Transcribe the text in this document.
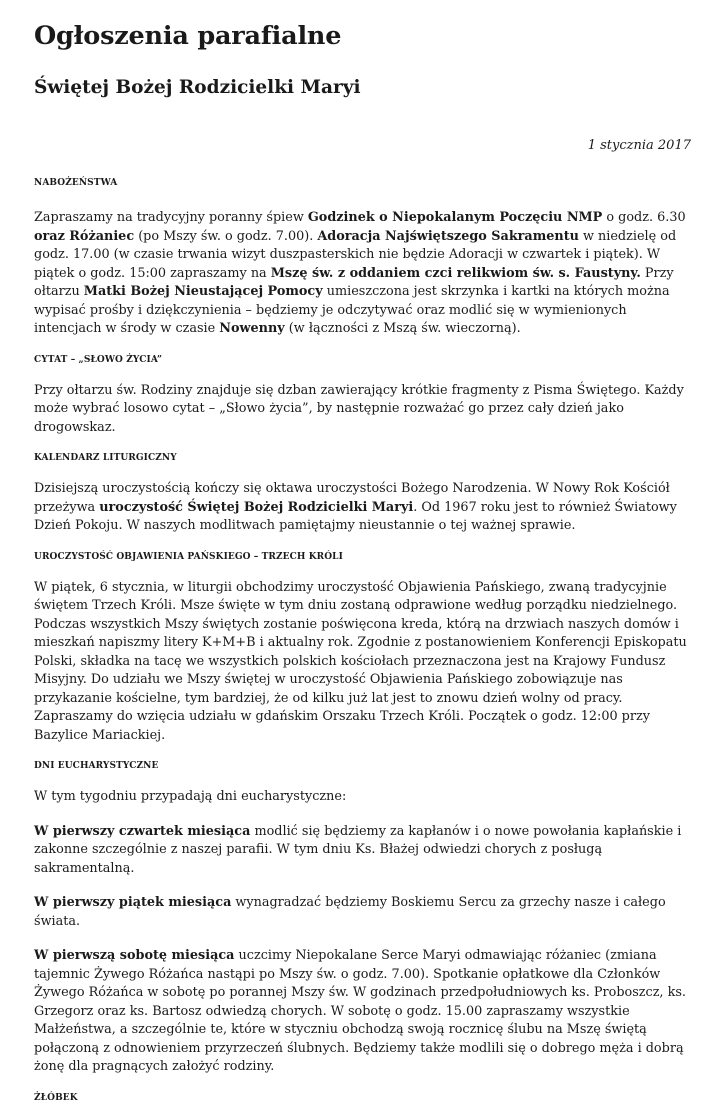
Ogłoszenia parafialne
Świętej Bożej Rodzicielki Maryi
1 stycznia 2017
NABOŻEŃSTWA

Zapraszamy na tradycyjny poranny śpiew Godzinek o Niepokalanym Poczęciu NMP o godz. 6.30 oraz Różaniec (po Mszy św. o godz. 7.00). Adoracja Najświętszego Sakramentu w niedzielę od godz. 17.00 (w czasie trwania wizyt duszpasterskich nie będzie Adoracji w czwartek i piątek). W piątek o godz. 15:00 zapraszamy na Mszę św. z oddaniem czci relikwiom św. s. Faustyny. Przy ołtarzu Matki Bożej Nieustającej Pomocy umieszczona jest skrzynka i kartki na których można wypisać prośby i dziękczynienia – będziemy je odczytywać oraz modlić się w wymienionych intencjach w środy w czasie Nowenny (w łączności z Mszą św. wieczorną).

CYTAT – „SŁOWO ŻYCIA”

Przy ołtarzu św. Rodziny znajduje się dzban zawierający krótkie fragmenty z Pisma Świętego. Każdy może wybrać losowo cytat – „Słowo życia”, by następnie rozważać go przez cały dzień jako drogowskaz.

KALENDARZ LITURGICZNY

Dzisiejszą uroczystością kończy się oktawa uroczystości Bożego Narodzenia. W Nowy Rok Kościół przeżywa uroczystość Świętej Bożej Rodzicielki Maryi. Od 1967 roku jest to również Światowy Dzień Pokoju. W naszych modlitwach pamiętajmy nieustannie o tej ważnej sprawie.

UROCZYSTOŚĆ OBJAWIENIA PAŃSKIEGO – TRZECH KRÓLI

W piątek, 6 stycznia, w liturgii obchodzimy uroczystość Objawienia Pańskiego, zwaną tradycyjnie świętem Trzech Króli. Msze święte w tym dniu zostaną odprawione według porządku niedzielnego. Podczas wszystkich Mszy świętych zostanie poświęcona kreda, którą na drzwiach naszych domów i mieszkań napiszmy litery K+M+B i aktualny rok. Zgodnie z postanowieniem Konferencji Episkopatu Polski, składka na tacę we wszystkich polskich kościołach przeznaczona jest na Krajowy Fundusz Misyjny. Do udziału we Mszy świętej w uroczystość Objawienia Pańskiego zobowiązuje nas przykazanie kościelne, tym bardziej, że od kilku już lat jest to znowu dzień wolny od pracy. Zapraszamy do wzięcia udziału w gdańskim Orszaku Trzech Króli. Początek o godz. 12:00 przy Bazylice Mariackiej.

DNI EUCHARYSTYCZNE

W tym tygodniu przypadają dni eucharystyczne:

W pierwszy czwartek miesiąca modlić się będziemy za kapłanów i o nowe powołania kapłańskie i zakonne szczególnie z naszej parafii. W tym dniu Ks. Błażej odwiedzi chorych z posługą sakramentalną.

W pierwszy piątek miesiąca wynagradzać będziemy Boskiemu Sercu za grzechy nasze i całego świata.

W pierwszą sobotę miesiąca uczcimy Niepokalane Serce Maryi odmawiając różaniec (zmiana tajemnic Żywego Różańca nastąpi po Mszy św. o godz. 7.00). Spotkanie opłatkowe dla Członków Żywego Różańca w sobotę po porannej Mszy św. W godzinach przedpołudniowych ks. Proboszcz, ks. Grzegorz oraz ks. Bartosz odwiedzą chorych. W sobotę o godz. 15.00 zapraszamy wszystkie Małżeństwa, a szczególnie te, które w styczniu obchodzą swoją rocznicę ślubu na Mszę świętą połączoną z odnowieniem przyrzeczeń ślubnych. Będziemy także modlili się o dobrego męża i dobrą żonę dla pragnących założyć rodziny.

ŻŁÓBEK
